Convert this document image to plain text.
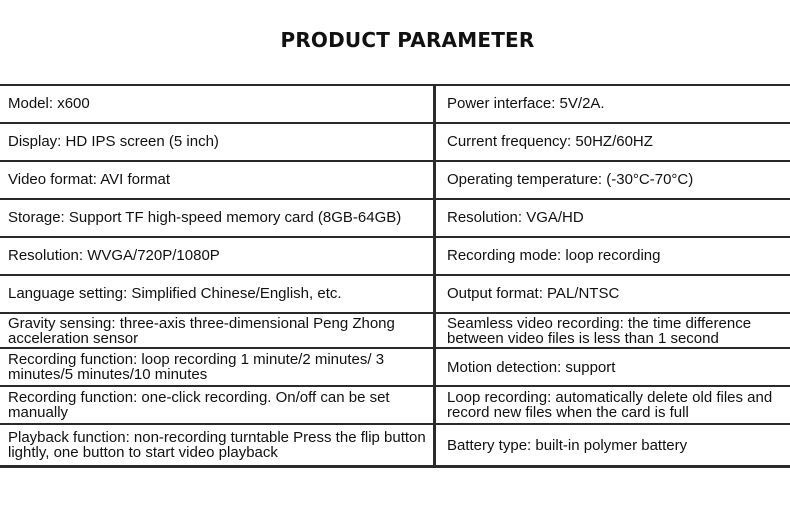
PRODUCT PARAMETER
Model: x600	Power interface: 5V/2A.
Display: HD IPS screen (5 inch)	Current frequency: 50HZ/60HZ
Video format: AVI format	Operating temperature: (-30°C-70°C)
Storage: Support TF high-speed memory card (8GB-64GB)	Resolution: VGA/HD
Resolution: WVGA/720P/1080P	Recording mode: loop recording
Language setting: Simplified Chinese/English, etc.	Output format: PAL/NTSC
Gravity sensing: three-axis three-dimensional Peng Zhong acceleration sensor	Seamless video recording: the time difference between video files is less than 1 second
Recording function: loop recording 1 minute/2 minutes/ 3 minutes/5 minutes/10 minutes	Motion detection: support
Recording function: one-click recording. On/off can be set manually	Loop recording: automatically delete old files and record new files when the card is full
Playback function: non-recording turntable Press the flip button lightly, one button to start video playback	Battery type: built-in polymer battery
